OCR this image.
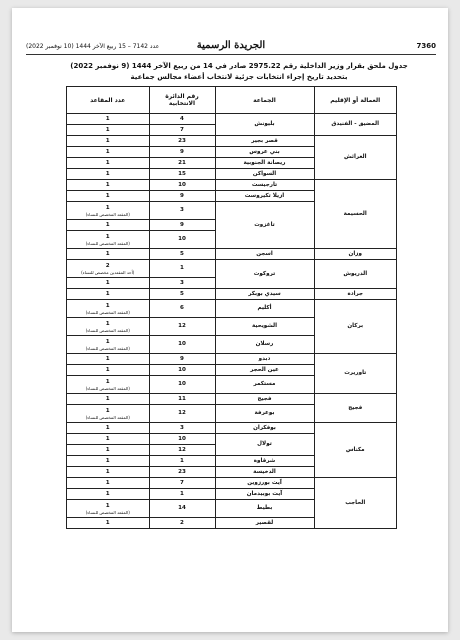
7360
الجريدة الرسمية
عدد 7142 – 15 ربيع الآخر 1444 (10 نوفمبر 2022)
جدول ملحق بقرار وزير الداخلية رقم 2975.22 صادر في 14 من ربيع الآخر 1444 (9 نوفمبر 2022)
بتحديد تاريخ إجراء انتخابات جزئية لانتخاب أعضاء مجالس جماعية
العمالة أو الإقليم	الجماعة	رقم الدائرة الانتخابية	عدد المقاعد
المضيق - الفنيدق	بليونش	4	1
		7	1
العرائش	قصر بجير	23	1
	بني عروس	9	1
	ريصانة الجنوبية	21	1
	السواكن	15	1
الحسيمة	تارجيست	10	1
	ازيلا تكيروست	9	1
	تاغزوت	3	1
(المقعد المخصص للنساء)

		9	1
		10	1
(المقعد المخصص للنساء)

وزان	اسجن	5	1
الدريوش	تروكوت	1	2
(أحد المقعدين مخصص للنساء)

		3	1
جرادة	سيدي بوبكر	5	1
بركان	أكليم	6	1
(المقعد المخصص للنساء)

	الشويحية	12	1
(المقعد المخصص للنساء)

	رسلان	10	1
(المقعد المخصص للنساء)

تاوريرت	دبدو	9	1
	عين الحجر	10	1
	مستكمر	10	1
(المقعد المخصص للنساء)

فجيج	فجيج	11	1
	بوعرفة	12	1
(المقعد المخصص للنساء)

مكناس	بوفكران	3	1
	تولال	10	1
		12	1
	شرقاوة	1	1
	الدخيسة	23	1
الحاجب	آيت بورزوين	7	1
	آيت بوبيدمان	1	1
	بطيط	14	1
(المقعد المخصص للنساء)

	لقصير	2	1
